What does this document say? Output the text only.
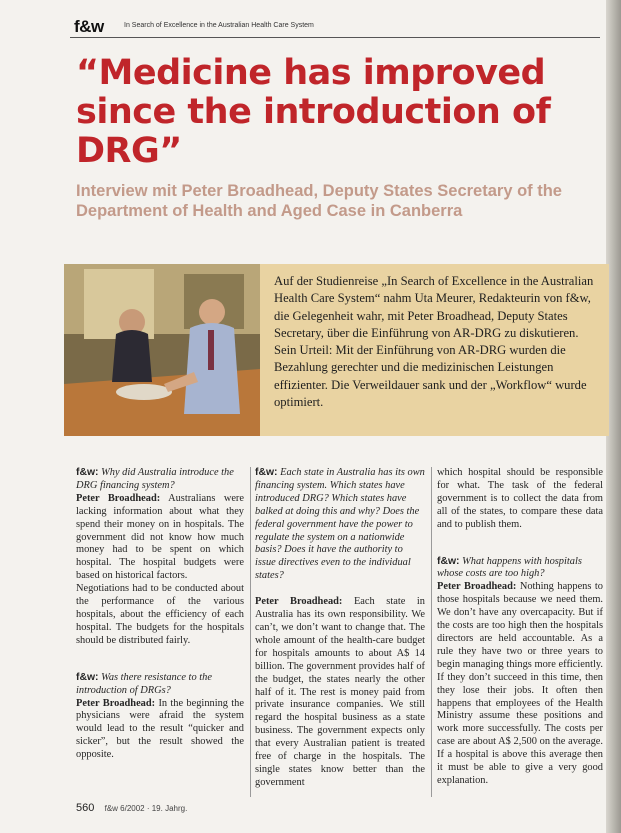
f&w	In Search of Excellence in the Australian Health Care System
“Medicine has improved since the introduction of DRG”
Interview mit Peter Broadhead, Deputy States Secretary of the Department of Health and Aged Case in Canberra
Auf der Studienreise „In Search of Excellence in the Australian Health Care System“ nahm Uta Meurer, Redakteurin von f&w, die Gelegenheit wahr, mit Peter Broadhead, Deputy States Secretary, über die Einführung von AR-DRG zu diskutieren. Sein Urteil: Mit der Einführung von AR-DRG wurden die Bezahlung gerechter und die medizinischen Leistungen effizienter. Die Verweildauer sank und der „Workflow“ wurde optimiert.

f&w: Why did Australia introduce the DRG financing system?

Peter Broadhead: Australians were lacking information about what they spend their money on in hospitals. The government did not know how much money had to be spent on which hospital. The hospital budgets were based on historical factors.

Negotiations had to be conducted about the performance of the various hospitals, about the efficiency of each hospital. The budgets for the hospitals should be distributed fairly.

f&w: Was there resistance to the introduction of DRGs?

Peter Broadhead: In the beginning the physicians were afraid the system would lead to the result “quicker and sicker”, but the result showed the opposite.

f&w: Each state in Australia has its own financing system. Which states have introduced DRG? Which states have balked at doing this and why? Does the federal government have the power to regulate the system on a nationwide basis? Does it have the authority to issue directives even to the individual states?

Peter Broadhead: Each state in Australia has its own responsibility. We can’t, we don’t want to change that. The whole amount of the health-care budget for hospitals amounts to about A$ 14 billion. The government provides half of the budget, the states nearly the other half of it. The rest is money paid from private insurance companies. We still regard the hospital business as a state business. The government expects only that every Australian patient is treated free of charge in the hospitals. The single states know better than the government

which hospital should be responsible for what. The task of the federal government is to collect the data from all of the states, to compare these data and to publish them.

f&w: What happens with hospitals whose costs are too high?

Peter Broadhead: Nothing happens to those hospitals because we need them. We don’t have any overcapacity. But if the costs are too high then the hospitals directors are held accountable. As a rule they have two or three years to begin managing things more efficiently. If they don’t succeed in this time, then they lose their jobs. It often then happens that employees of the Health Ministry assume these positions and work more successfully. The costs per case are about A$ 2,500 on the average. If a hospital is above this average then it must be able to give a very good explanation.

560 f&w 6/2002 · 19. Jahrg.
